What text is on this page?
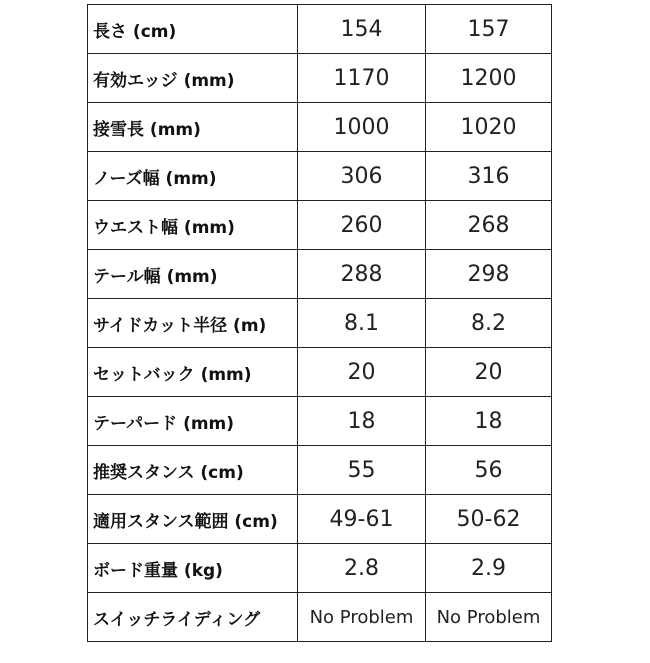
長さ (cm)	154	157
有効エッジ (mm)	1170	1200
接雪長 (mm)	1000	1020
ノーズ幅 (mm)	306	316
ウエスト幅 (mm)	260	268
テール幅 (mm)	288	298
サイドカット半径 (m)	8.1	8.2
セットバック (mm)	20	20
テーパード (mm)	18	18
推奨スタンス (cm)	55	56
適用スタンス範囲 (cm)	49-61	50-62
ボード重量 (kg)	2.8	2.9
スイッチライディング	No Problem	No Problem
